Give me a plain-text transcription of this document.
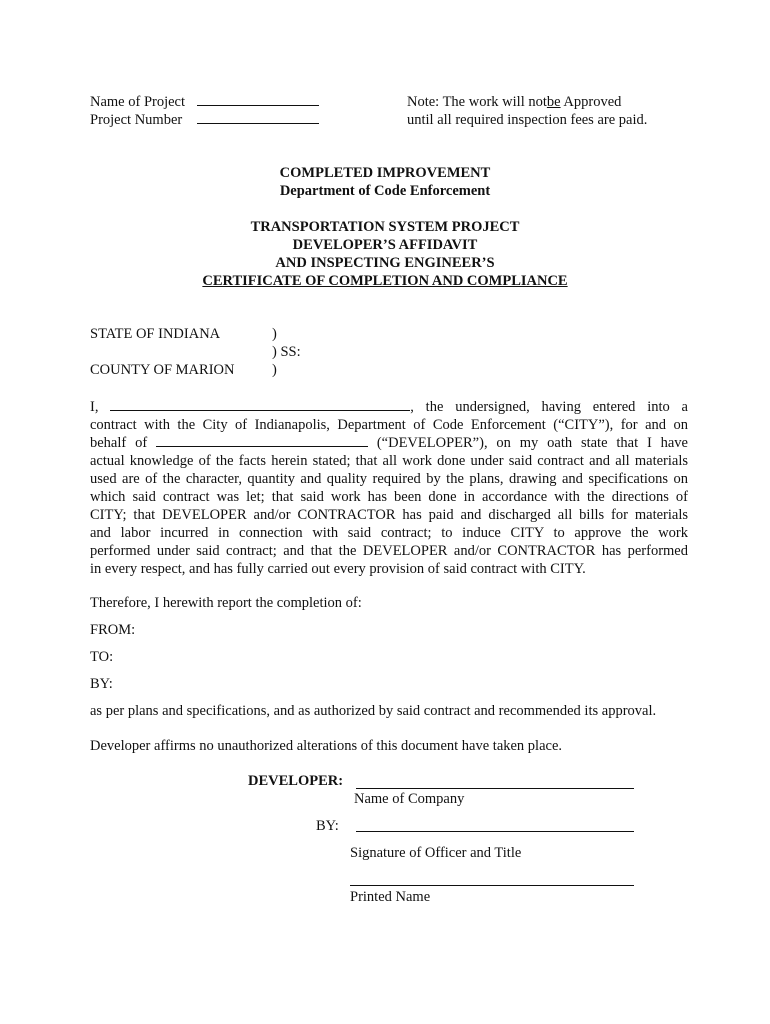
Name of Project
Project Number
Note: The work will notbe Approved
until all required inspection fees are paid.
COMPLETED IMPROVEMENT
Department of Code Enforcement
TRANSPORTATION SYSTEM PROJECT
DEVELOPER’S AFFIDAVIT
AND INSPECTING ENGINEER’S
CERTIFICATE OF COMPLETION AND COMPLIANCE
STATE OF INDIANA
COUNTY OF MARION
)
) SS:
)
I,	, the undersigned, having entered into a
contract with the City of Indianapolis, Department of Code Enforcement (“CITY”), for and on
behalf of	(“DEVELOPER”), on my oath state that I have
actual knowledge of the facts herein stated; that all work done under said contract and all materials
used are of the character, quantity and quality required by the plans, drawing and specifications on
which said contract was let; that said work has been done in accordance with the directions of
CITY; that DEVELOPER and/or CONTRACTOR has paid and discharged all bills for materials
and labor incurred in connection with said contract; to induce CITY to approve the work
performed under said contract; and that the DEVELOPER and/or CONTRACTOR has performed
in every respect, and has fully carried out every provision of said contract with CITY.
Therefore, I herewith report the completion of:
FROM:
TO:
BY:
as per plans and specifications, and as authorized by said contract and recommended its approval.
Developer affirms no unauthorized alterations of this document have taken place.
DEVELOPER:
Name of Company
BY:
Signature of Officer and Title
Printed Name
